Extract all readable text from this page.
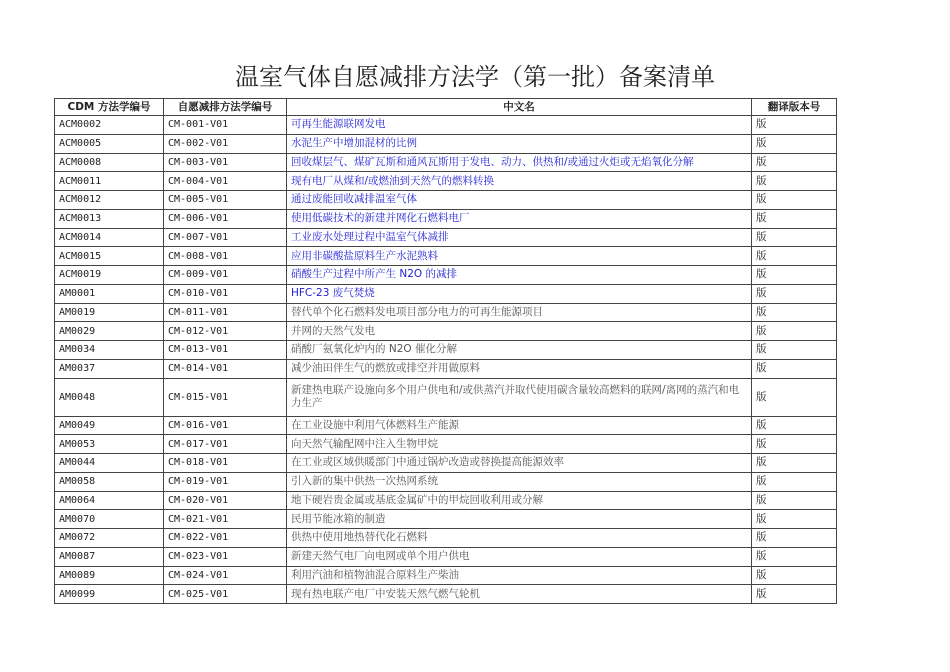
温室气体自愿减排方法学（第一批）备案清单
CDM 方法学编号	自愿减排方法学编号	中文名	翻译版本号
ACM0002	CM-001-V01	可再生能源联网发电	版
ACM0005	CM-002-V01	水泥生产中增加混材的比例	版
ACM0008	CM-003-V01	回收煤层气、煤矿瓦斯和通风瓦斯用于发电、动力、供热和/或通过火炬或无焰氧化分解	版
ACM0011	CM-004-V01	现有电厂从煤和/或燃油到天然气的燃料转换	版
ACM0012	CM-005-V01	通过废能回收减排温室气体	版
ACM0013	CM-006-V01	使用低碳技术的新建并网化石燃料电厂	版
ACM0014	CM-007-V01	工业废水处理过程中温室气体减排	版
ACM0015	CM-008-V01	应用非碳酸盐原料生产水泥熟料	版
ACM0019	CM-009-V01	硝酸生产过程中所产生 N2O 的减排	版
AM0001	CM-010-V01	HFC-23 废气焚烧	版
AM0019	CM-011-V01	替代单个化石燃料发电项目部分电力的可再生能源项目	版
AM0029	CM-012-V01	并网的天然气发电	版
AM0034	CM-013-V01	硝酸厂氨氧化炉内的 N2O 催化分解	版
AM0037	CM-014-V01	减少油田伴生气的燃放或排空并用做原料	版
AM0048	CM-015-V01	新建热电联产设施向多个用户供电和/或供蒸汽并取代使用碳含量较高燃料的联网/离网的蒸汽和电力生产	版
AM0049	CM-016-V01	在工业设施中利用气体燃料生产能源	版
AM0053	CM-017-V01	向天然气输配网中注入生物甲烷	版
AM0044	CM-018-V01	在工业或区域供暖部门中通过锅炉改造或替换提高能源效率	版
AM0058	CM-019-V01	引入新的集中供热一次热网系统	版
AM0064	CM-020-V01	地下硬岩贵金属或基底金属矿中的甲烷回收利用或分解	版
AM0070	CM-021-V01	民用节能冰箱的制造	版
AM0072	CM-022-V01	供热中使用地热替代化石燃料	版
AM0087	CM-023-V01	新建天然气电厂向电网或单个用户供电	版
AM0089	CM-024-V01	利用汽油和植物油混合原料生产柴油	版
AM0099	CM-025-V01	现有热电联产电厂中安装天然气燃气轮机	版
